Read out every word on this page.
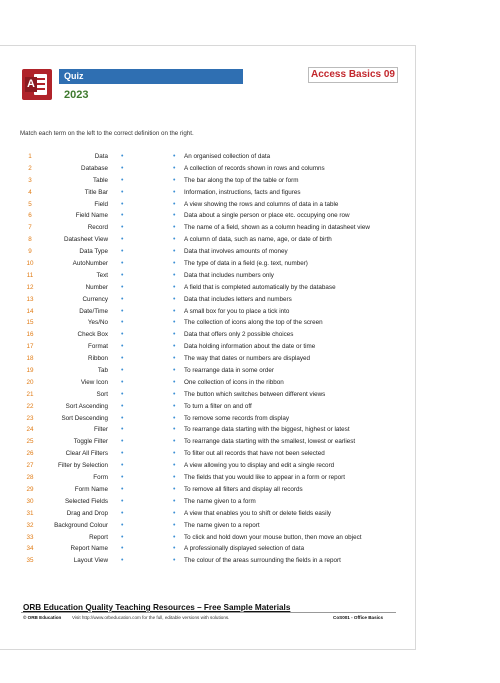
A
Quiz
2023
Access Basics 09
Match each term on the left to the correct definition on the right.
1	Data •	• An organised collection of data
2	Database •	• A collection of records shown in rows and columns
3	Table •	• The bar along the top of the table or form
4	Title Bar •	• Information, instructions, facts and figures
5	Field •	• A view showing the rows and columns of data in a table
6	Field Name •	• Data about a single person or place etc. occupying one row
7	Record •	• The name of a field, shown as a column heading in datasheet view
8	Datasheet View •	• A column of data, such as name, age, or date of birth
9	Data Type •	• Data that involves amounts of money
10	AutoNumber •	• The type of data in a field (e.g. text, number)
11	Text •	• Data that includes numbers only
12	Number •	• A field that is completed automatically by the database
13	Currency •	• Data that includes letters and numbers
14	Date/Time •	• A small box for you to place a tick into
15	Yes/No •	• The collection of icons along the top of the screen
16	Check Box •	• Data that offers only 2 possible choices
17	Format •	• Data holding information about the date or time
18	Ribbon •	• The way that dates or numbers are displayed
19	Tab •	• To rearrange data in some order
20	View Icon •	• One collection of icons in the ribbon
21	Sort •	• The button which switches between different views
22	Sort Ascending •	• To turn a filter on and off
23	Sort Descending •	• To remove some records from display
24	Filter •	• To rearrange data starting with the biggest, highest or latest
25	Toggle Filter •	• To rearrange data starting with the smallest, lowest or earliest
26	Clear All Filters •	• To filter out all records that have not been selected
27	Filter by Selection •	• A view allowing you to display and edit a single record
28	Form •	• The fields that you would like to appear in a form or report
29	Form Name •	• To remove all filters and display all records
30	Selected Fields •	• The name given to a form
31	Drag and Drop •	• A view that enables you to shift or delete fields easily
32	Background Colour •	• The name given to a report
33	Report •	• To click and hold down your mouse button, then move an object
34	Report Name •	• A professionally displayed selection of data
35	Layout View •	• The colour of the areas surrounding the fields in a report
ORB Education Quality Teaching Resources – Free Sample Materials
© ORB Education Visit http://www.orbeducation.com for the full, editable versions with solutions.	CoS001 - Office Basics
